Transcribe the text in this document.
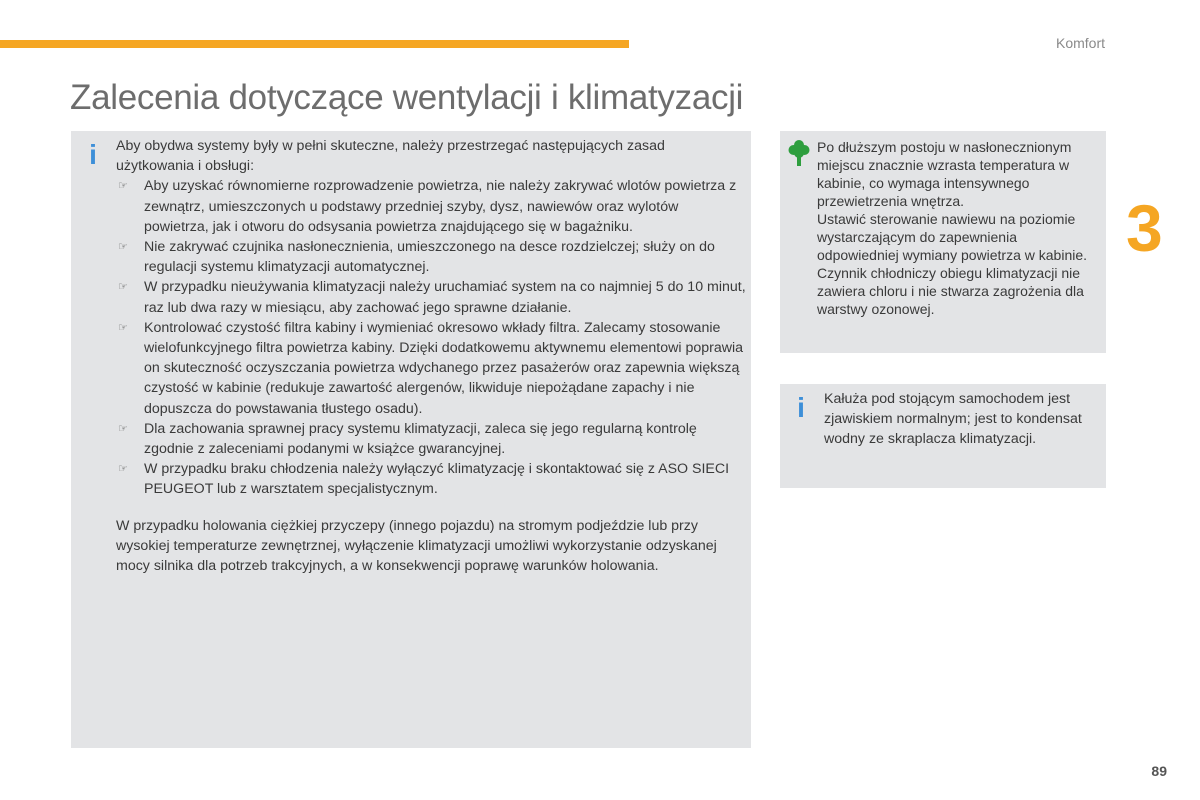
Komfort
Zalecenia dotyczące wentylacji i klimatyzacji
3
i Aby obydwa systemy były w pełni skuteczne, należy przestrzegać następujących zasad użytkowania i obsługi:

☞ Aby uzyskać równomierne rozprowadzenie powietrza, nie należy zakrywać wlotów powietrza z zewnątrz, umieszczonych u podstawy przedniej szyby, dysz, nawiewów oraz wylotów powietrza, jak i otworu do odsysania powietrza znajdującego się w bagażniku.
☞ Nie zakrywać czujnika nasłonecznienia, umieszczonego na desce rozdzielczej; służy on do regulacji systemu klimatyzacji automatycznej.
☞ W przypadku nieużywania klimatyzacji należy uruchamiać system na co najmniej 5 do 10 minut, raz lub dwa razy w miesiącu, aby zachować jego sprawne działanie.
☞ Kontrolować czystość filtra kabiny i wymieniać okresowo wkłady filtra. Zalecamy stosowanie wielofunkcyjnego filtra powietrza kabiny. Dzięki dodatkowemu aktywnemu elementowi poprawia on skuteczność oczyszczania powietrza wdychanego przez pasażerów oraz zapewnia większą czystość w kabinie (redukuje zawartość alergenów, likwiduje niepożądane zapachy i nie dopuszcza do powstawania tłustego osadu).
☞ Dla zachowania sprawnej pracy systemu klimatyzacji, zaleca się jego regularną kontrolę zgodnie z zaleceniami podanymi w książce gwarancyjnej.
☞ W przypadku braku chłodzenia należy wyłączyć klimatyzację i skontaktować się z ASO SIECI PEUGEOT lub z warsztatem specjalistycznym.

W przypadku holowania ciężkiej przyczepy (innego pojazdu) na stromym podjeździe lub przy wysokiej temperaturze zewnętrznej, wyłączenie klimatyzacji umożliwi wykorzystanie odzyskanej mocy silnika dla potrzeb trakcyjnych, a w konsekwencji poprawę warunków holowania.

Po dłuższym postoju w nasłonecznionym miejscu znacznie wzrasta temperatura w kabinie, co wymaga intensywnego przewietrzenia wnętrza.

Ustawić sterowanie nawiewu na poziomie wystarczającym do zapewnienia odpowiedniej wymiany powietrza w kabinie.

Czynnik chłodniczy obiegu klimatyzacji nie zawiera chloru i nie stwarza zagrożenia dla warstwy ozonowej.

i Kałuża pod stojącym samochodem jest zjawiskiem normalnym; jest to kondensat wodny ze skraplacza klimatyzacji.

89
